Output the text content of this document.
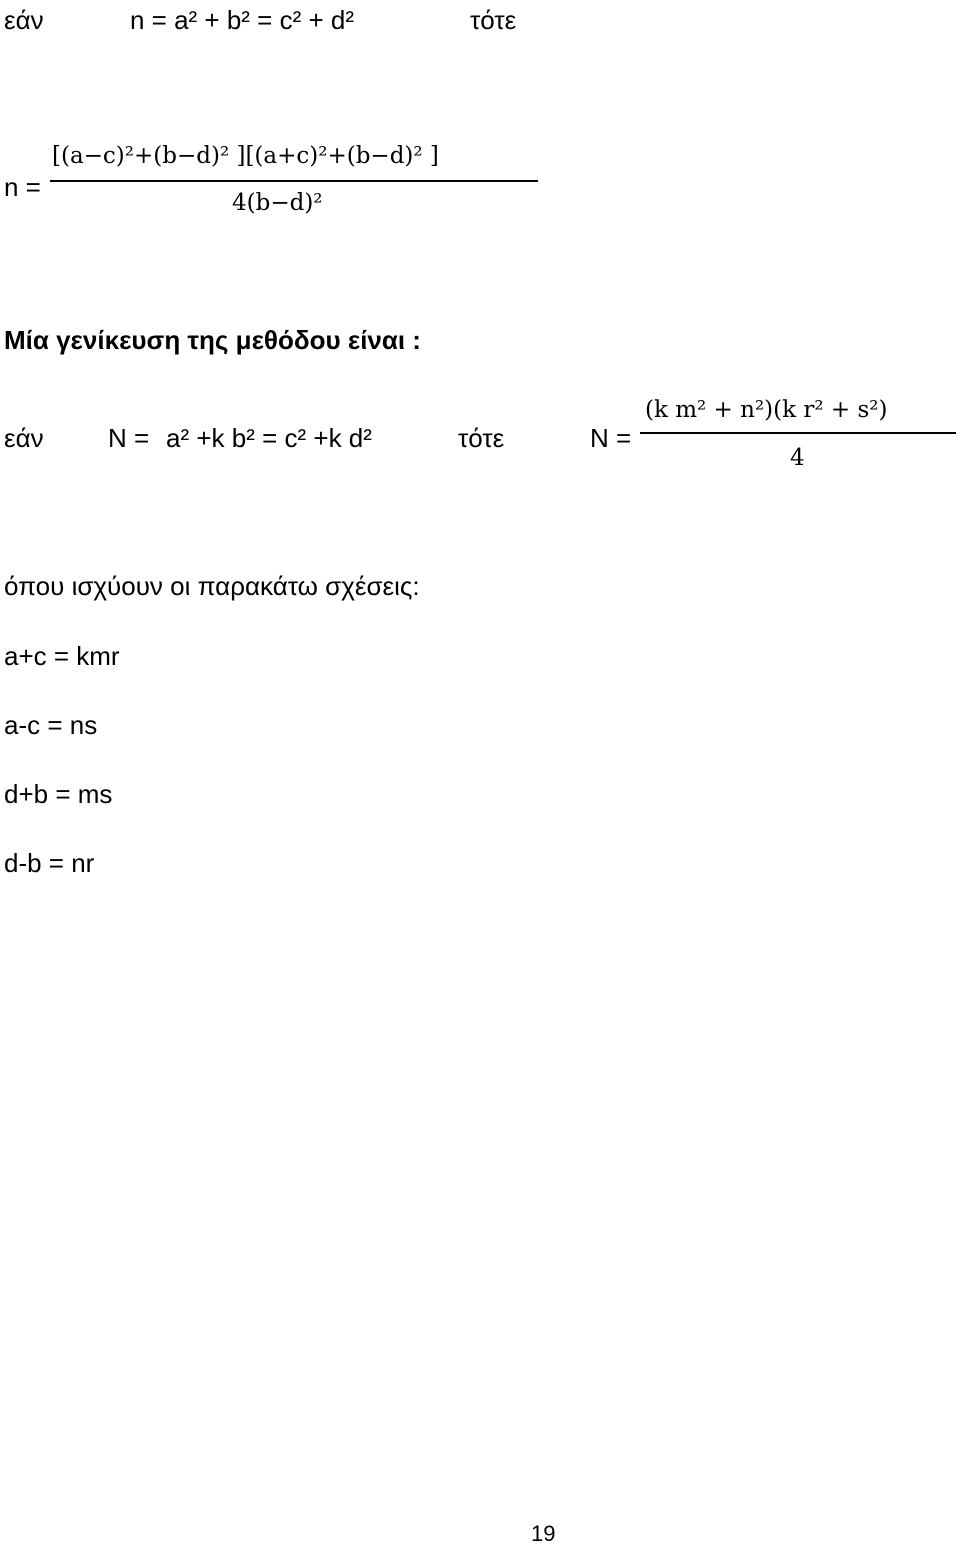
εάν	n = a² + b² = c² + d²	τότε
n =
[(a−c)²+(b−d)² ][(a+c)²+(b−d)² ]
4(b−d)²
Μία γενίκευση της μεθόδου είναι :
εάν N = a² +k b² = c² +k d²	τότε	N =
(k m² + n²)(k r² + s²)
4
όπου ισχύουν οι παρακάτω σχέσεις:
a+c = kmr
a-c = ns
d+b = ms
d-b = nr
19
